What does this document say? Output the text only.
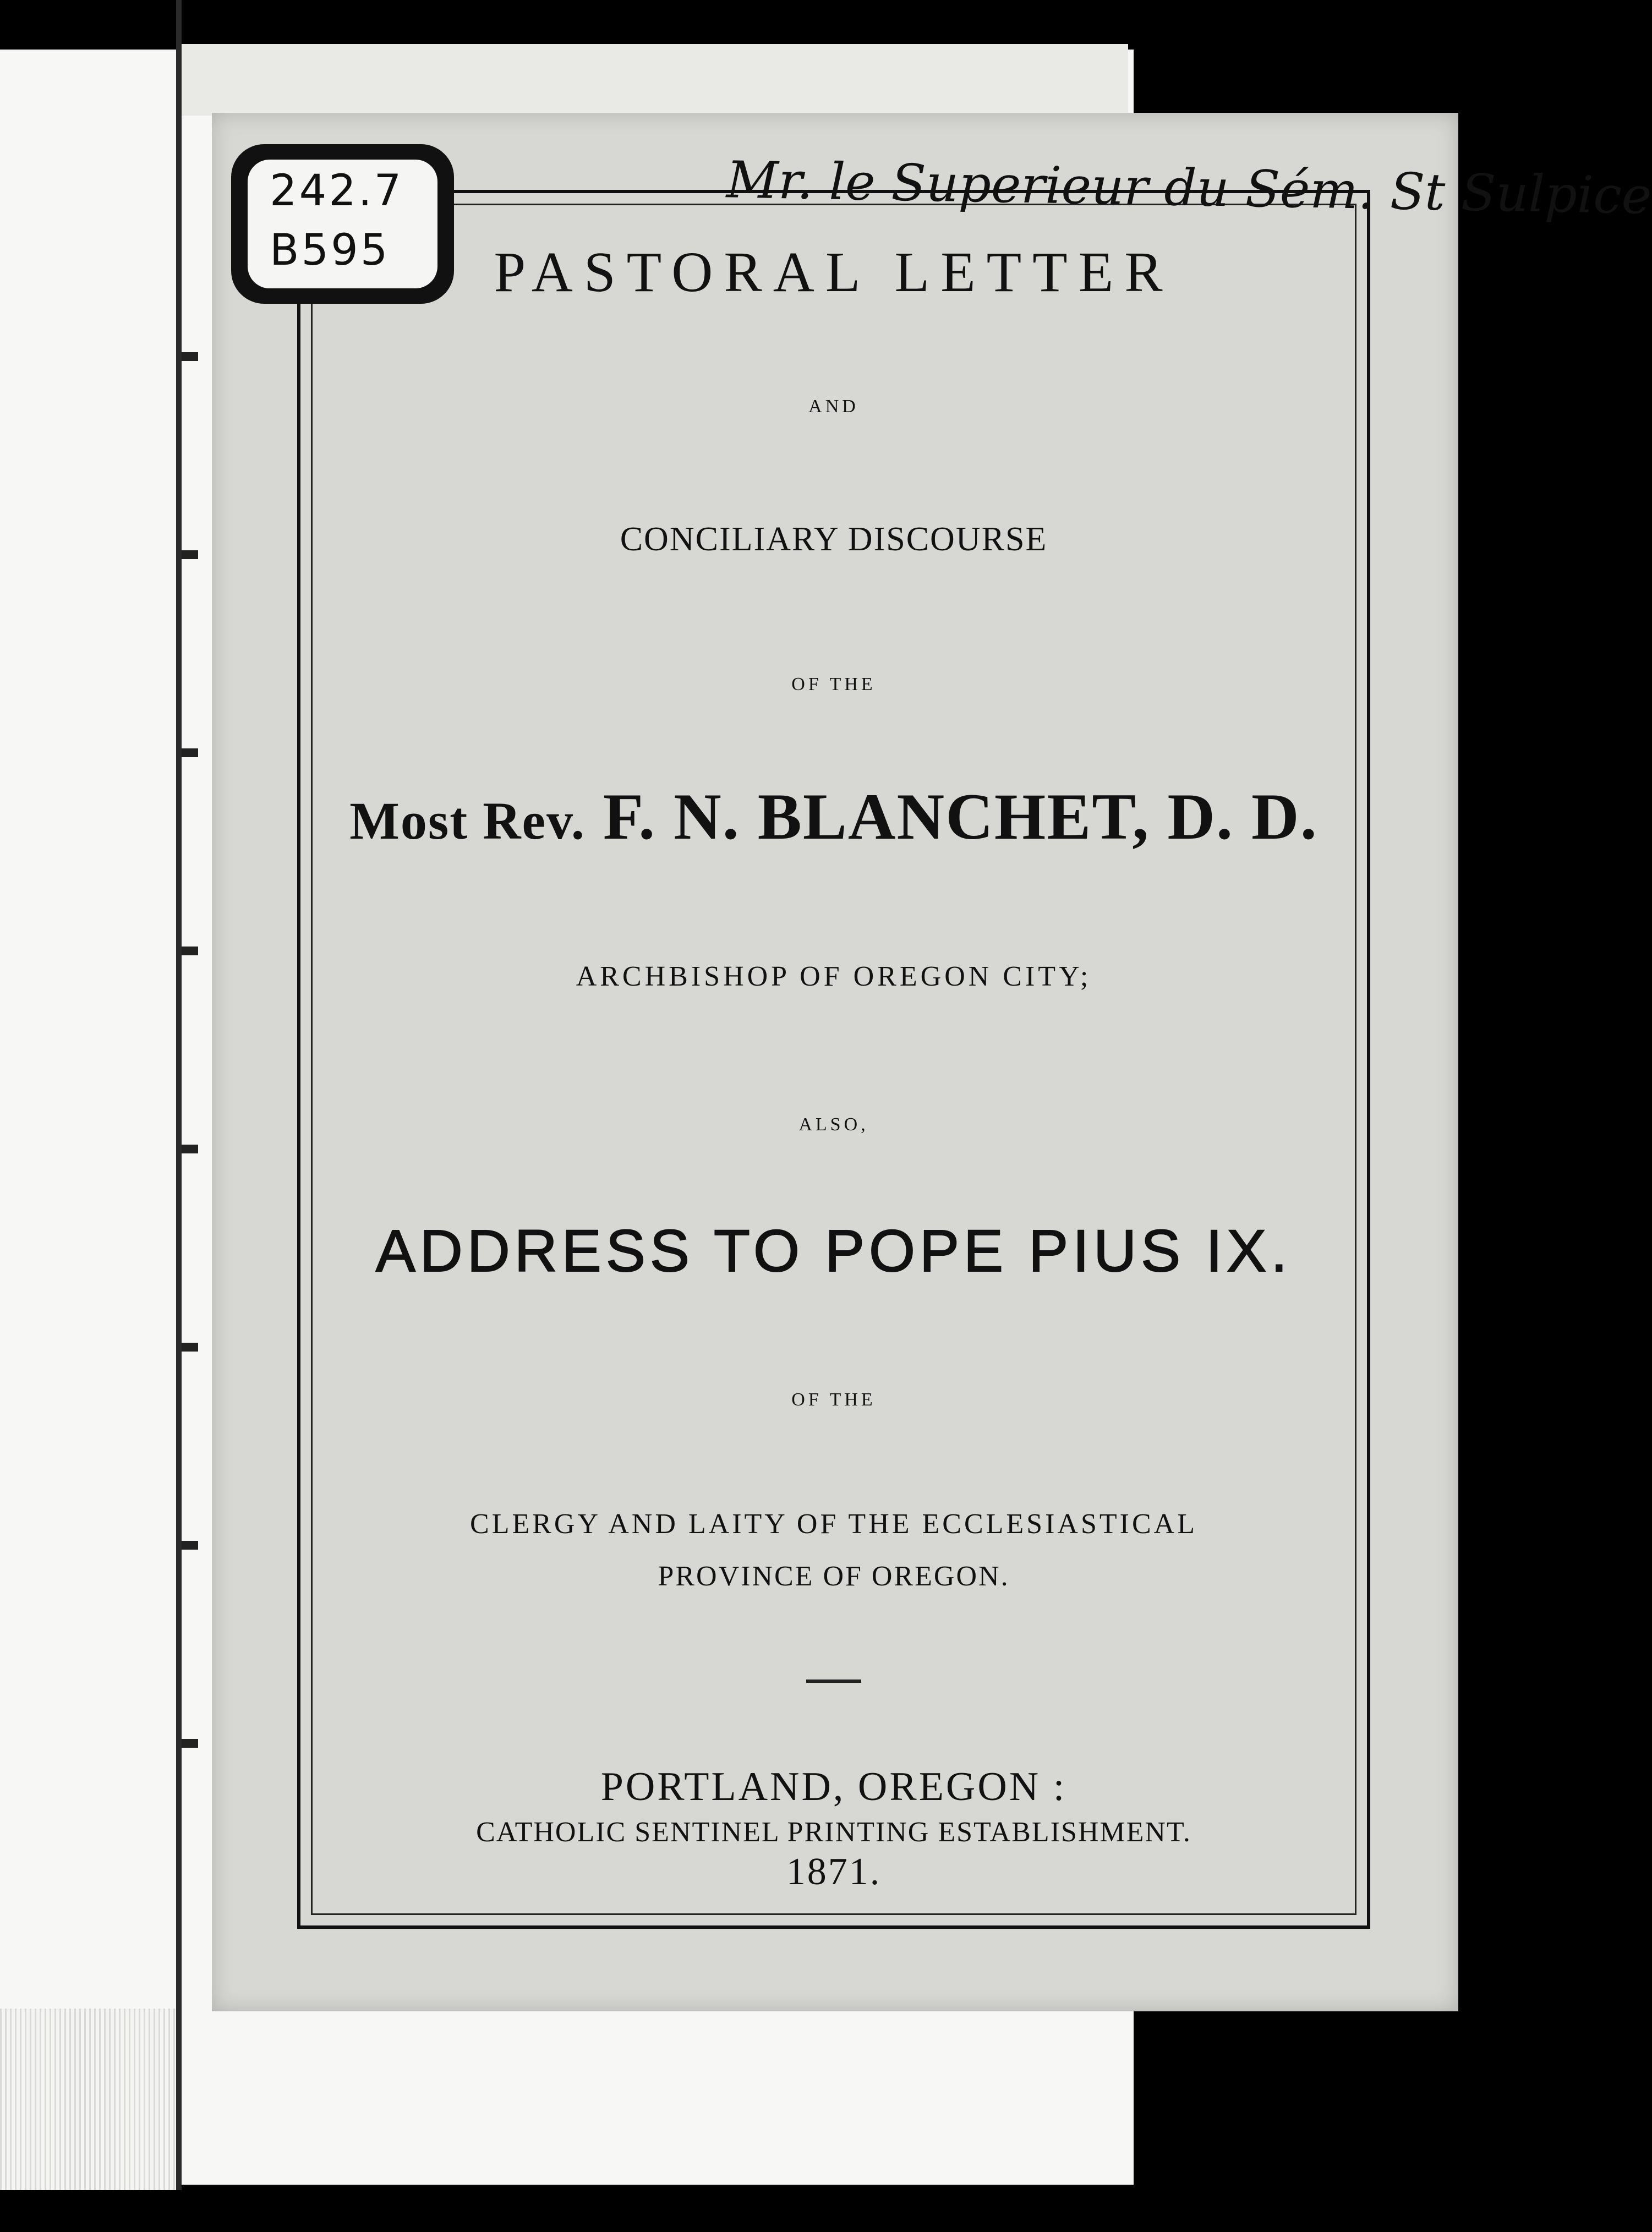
242.7
B595
Mr. le Superieur du Sém. St Sulpice
PASTORAL LETTER
AND
CONCILIARY DISCOURSE
OF THE
Most Rev. F. N. BLANCHET, D. D.
ARCHBISHOP OF OREGON CITY;
ALSO,
ADDRESS TO POPE PIUS IX.
OF THE
CLERGY AND LAITY OF THE ECCLESIASTICAL
PROVINCE OF OREGON.
PORTLAND, OREGON :
CATHOLIC SENTINEL PRINTING ESTABLISHMENT.
1871.
